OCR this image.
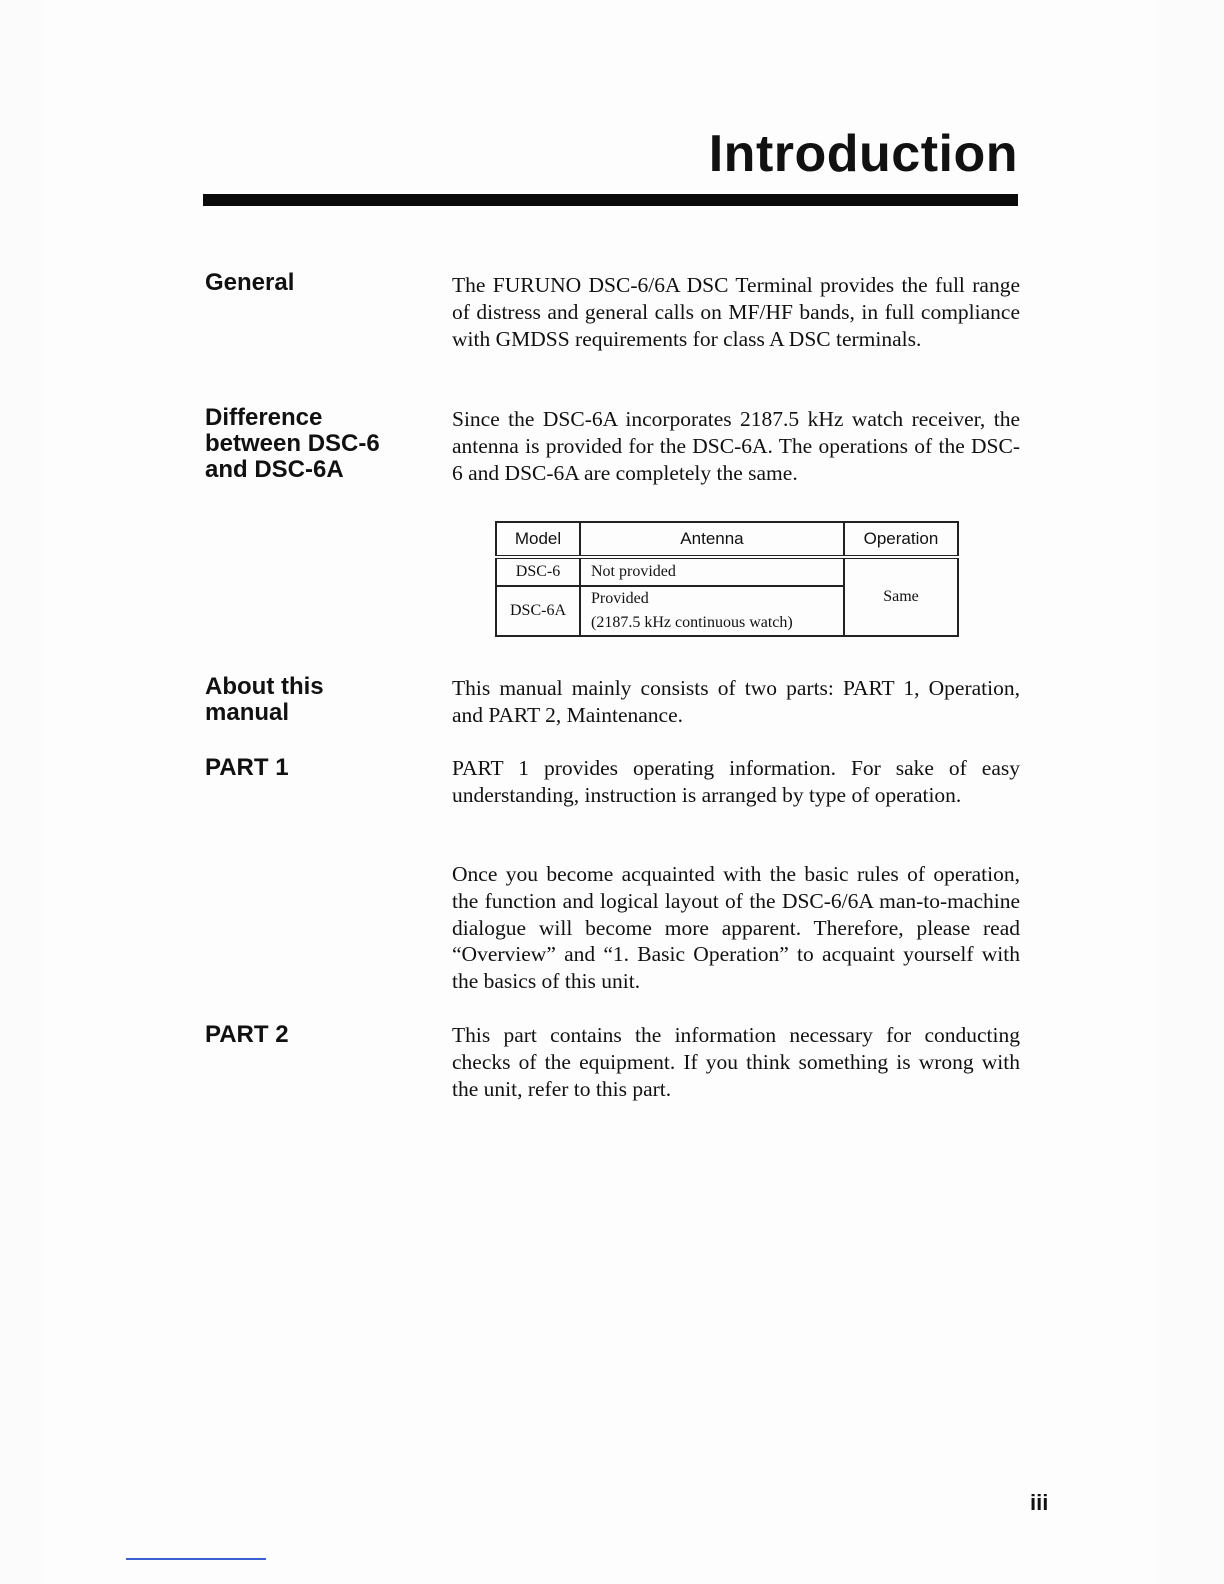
Introduction
General	The FURUNO DSC-6/6A DSC Terminal provides the full range of distress and general calls on MF/HF bands, in full compliance with GMDSS requirements for class A DSC terminals.

Difference
between DSC-6
and DSC-6A

Since the DSC-6A incorporates 2187.5 kHz watch receiver, the antenna is provided for the DSC-6A. The operations of the DSC-6 and DSC-6A are completely the same.

Model	Antenna	Operation
DSC-6	Not provided	Same
DSC-6A	Provided
(2187.5 kHz continuous watch)	
About this
manual

This manual mainly consists of two parts: PART 1, Operation, and PART 2, Maintenance.

PART 1	PART 1 provides operating information. For sake of easy understanding, instruction is arranged by type of operation.

Once you become acquainted with the basic rules of operation, the function and logical layout of the DSC-6/6A man-to-machine dialogue will become more apparent. Therefore, please read “Overview” and “1. Basic Operation” to acquaint yourself with the basics of this unit.

PART 2	This part contains the information necessary for conducting checks of the equipment. If you think something is wrong with the unit, refer to this part.

iii
